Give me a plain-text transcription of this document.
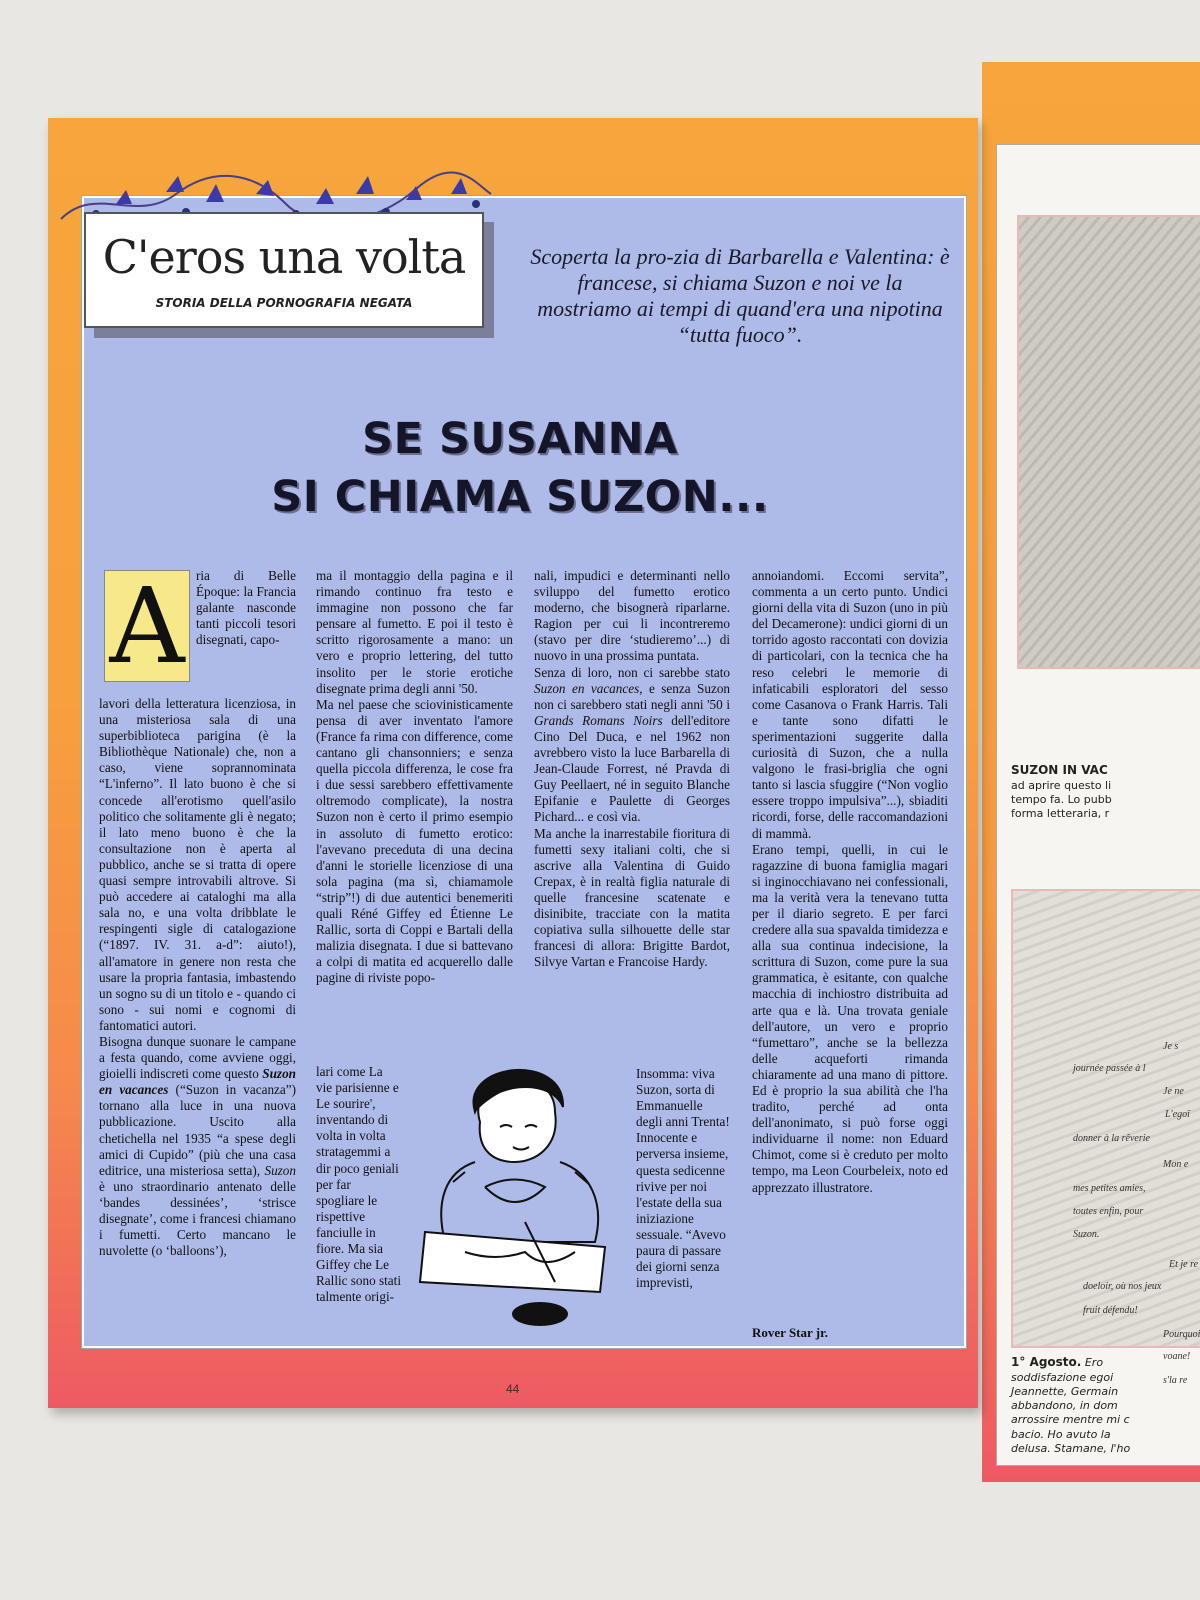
SUZON IN VAC
ad aprire questo li
tempo fa. Lo pubb
forma letteraria, r
Je s
journée passée à l
Je ne
L'egoï
donner à la rêverie
Mon e
mes petites amies,
toutes enfin, pour
Suzon.
Et je re
doeloir, où nos jeux
fruit défendu!
Pourquoi
voane!
s'la re
1° Agosto. Ero
soddisfazione egoi
Jeannette, Germain
abbandono, in dom
arrossire mentre mi c
bacio. Ho avuto la
delusa. Stamane, l'ho
C'eros una volta
STORIA DELLA PORNOGRAFIA NEGATA
Scoperta la pro-zia di Barbarella e Valentina: è francese, si chiama Suzon e noi ve la mostriamo ai tempi di quand'era una nipotina “tutta fuoco”.
SE SUSANNA
SI CHIAMA SUZON...
A ria di Belle Époque: la Francia galante nasconde tanti piccoli tesori disegnati, capo-

lavori della letteratura licenziosa, in una misteriosa sala di una superbiblioteca parigina (è la Bibliothèque Nationale) che, non a caso, viene soprannominata “L'inferno”. Il lato buono è che si concede all'erotismo quell'asilo politico che solitamente gli è negato; il lato meno buono è che la consultazione non è aperta al pubblico, anche se si tratta di opere quasi sempre introvabili altrove. Si può accedere ai cataloghi ma alla sala no, e una volta dribblate le respingenti sigle di catalogazione (“1897. IV. 31. a-d”: aiuto!), all'amatore in genere non resta che usare la propria fantasia, imbastendo un sogno su di un titolo e - quando ci sono - sui nomi e cognomi di fantomatici autori.

Bisogna dunque suonare le campane a festa quando, come avviene oggi, gioielli indiscreti come questo Suzon en vacances (“Suzon in vacanza”) tornano alla luce in una nuova pubblicazione. Uscito alla chetichella nel 1935 “a spese degli amici di Cupido” (più che una casa editrice, una misteriosa setta), Suzon è uno straordinario antenato delle ‘bandes dessinées’, ‘strisce disegnate’, come i francesi chiamano i fumetti. Certo mancano le nuvolette (o ‘balloons’),

ma il montaggio della pagina e il rimando continuo fra testo e immagine non possono che far pensare al fumetto. E poi il testo è scritto rigorosamente a mano: un vero e proprio lettering, del tutto insolito per le storie erotiche disegnate prima degli anni '50.

Ma nel paese che sciovinisticamente pensa di aver inventato l'amore (France fa rima con difference, come cantano gli chansonniers; e senza quella piccola differenza, le cose fra i due sessi sarebbero effettivamente oltremodo complicate), la nostra Suzon non è certo il primo esempio in assoluto di fumetto erotico: l'avevano preceduta di una decina d'anni le storielle licenziose di una sola pagina (ma sì, chiamamole “strip”!) di due autentici benemeriti quali Réné Giffey ed Étienne Le Rallic, sorta di Coppi e Bartali della malizia disegnata. I due si battevano a colpi di matita ed acquerello dalle pagine di riviste popo-

lari come La vie parisienne e Le sourire', inventando di volta in volta stratagemmi a dir poco geniali per far spogliare le rispettive fanciulle in fiore. Ma sia Giffey che Le Rallic sono stati talmente origi-

nali, impudici e determinanti nello sviluppo del fumetto erotico moderno, che bisognerà riparlarne. Ragion per cui li incontreremo (stavo per dire ‘studieremo’...) di nuovo in una prossima puntata.

Senza di loro, non ci sarebbe stato Suzon en vacances, e senza Suzon non ci sarebbero stati negli anni '50 i Grands Romans Noirs dell'editore Cino Del Duca, e nel 1962 non avrebbero visto la luce Barbarella di Jean-Claude Forrest, né Pravda di Guy Peellaert, né in seguito Blanche Epifanie e Paulette di Georges Pichard... e così via.

Ma anche la inarrestabile fioritura di fumetti sexy italiani colti, che si ascrive alla Valentina di Guido Crepax, è in realtà figlia naturale di quelle francesine scatenate e disinibite, tracciate con la matita copiativa sulla silhouette delle star francesi di allora: Brigitte Bardot, Silvye Vartan e Francoise Hardy.

Insomma: viva Suzon, sorta di Emmanuelle degli anni Trenta! Innocente e perversa insieme, questa sedicenne rivive per noi l'estate della sua iniziazione sessuale. “Avevo paura di passare dei giorni senza imprevisti,

annoiandomi. Eccomi servita”, commenta a un certo punto. Undici giorni della vita di Suzon (uno in più del Decamerone): undici giorni di un torrido agosto raccontati con dovizia di particolari, con la tecnica che ha reso celebri le memorie di infaticabili esploratori del sesso come Casanova o Frank Harris. Tali e tante sono difatti le sperimentazioni suggerite dalla curiosità di Suzon, che a nulla valgono le frasi-briglia che ogni tanto si lascia sfuggire (“Non voglio essere troppo impulsiva”...), sbiaditi ricordi, forse, delle raccomandazioni di mammà.

Erano tempi, quelli, in cui le ragazzine di buona famiglia magari si inginocchiavano nei confessionali, ma la verità vera la tenevano tutta per il diario segreto. E per farci credere alla sua spavalda timidezza e alla sua continua indecisione, la scrittura di Suzon, come pure la sua grammatica, è esitante, con qualche macchia di inchiostro distribuita ad arte qua e là. Una trovata geniale dell'autore, un vero e proprio “fumettaro”, anche se la bellezza delle acqueforti rimanda chiaramente ad una mano di pittore. Ed è proprio la sua abilità che l'ha tradito, perché ad onta dell'anonimato, si può forse oggi individuarne il nome: non Eduard Chimot, come si è creduto per molto tempo, ma Leon Courbeleix, noto ed apprezzato illustratore.

Rover Star jr.
44
